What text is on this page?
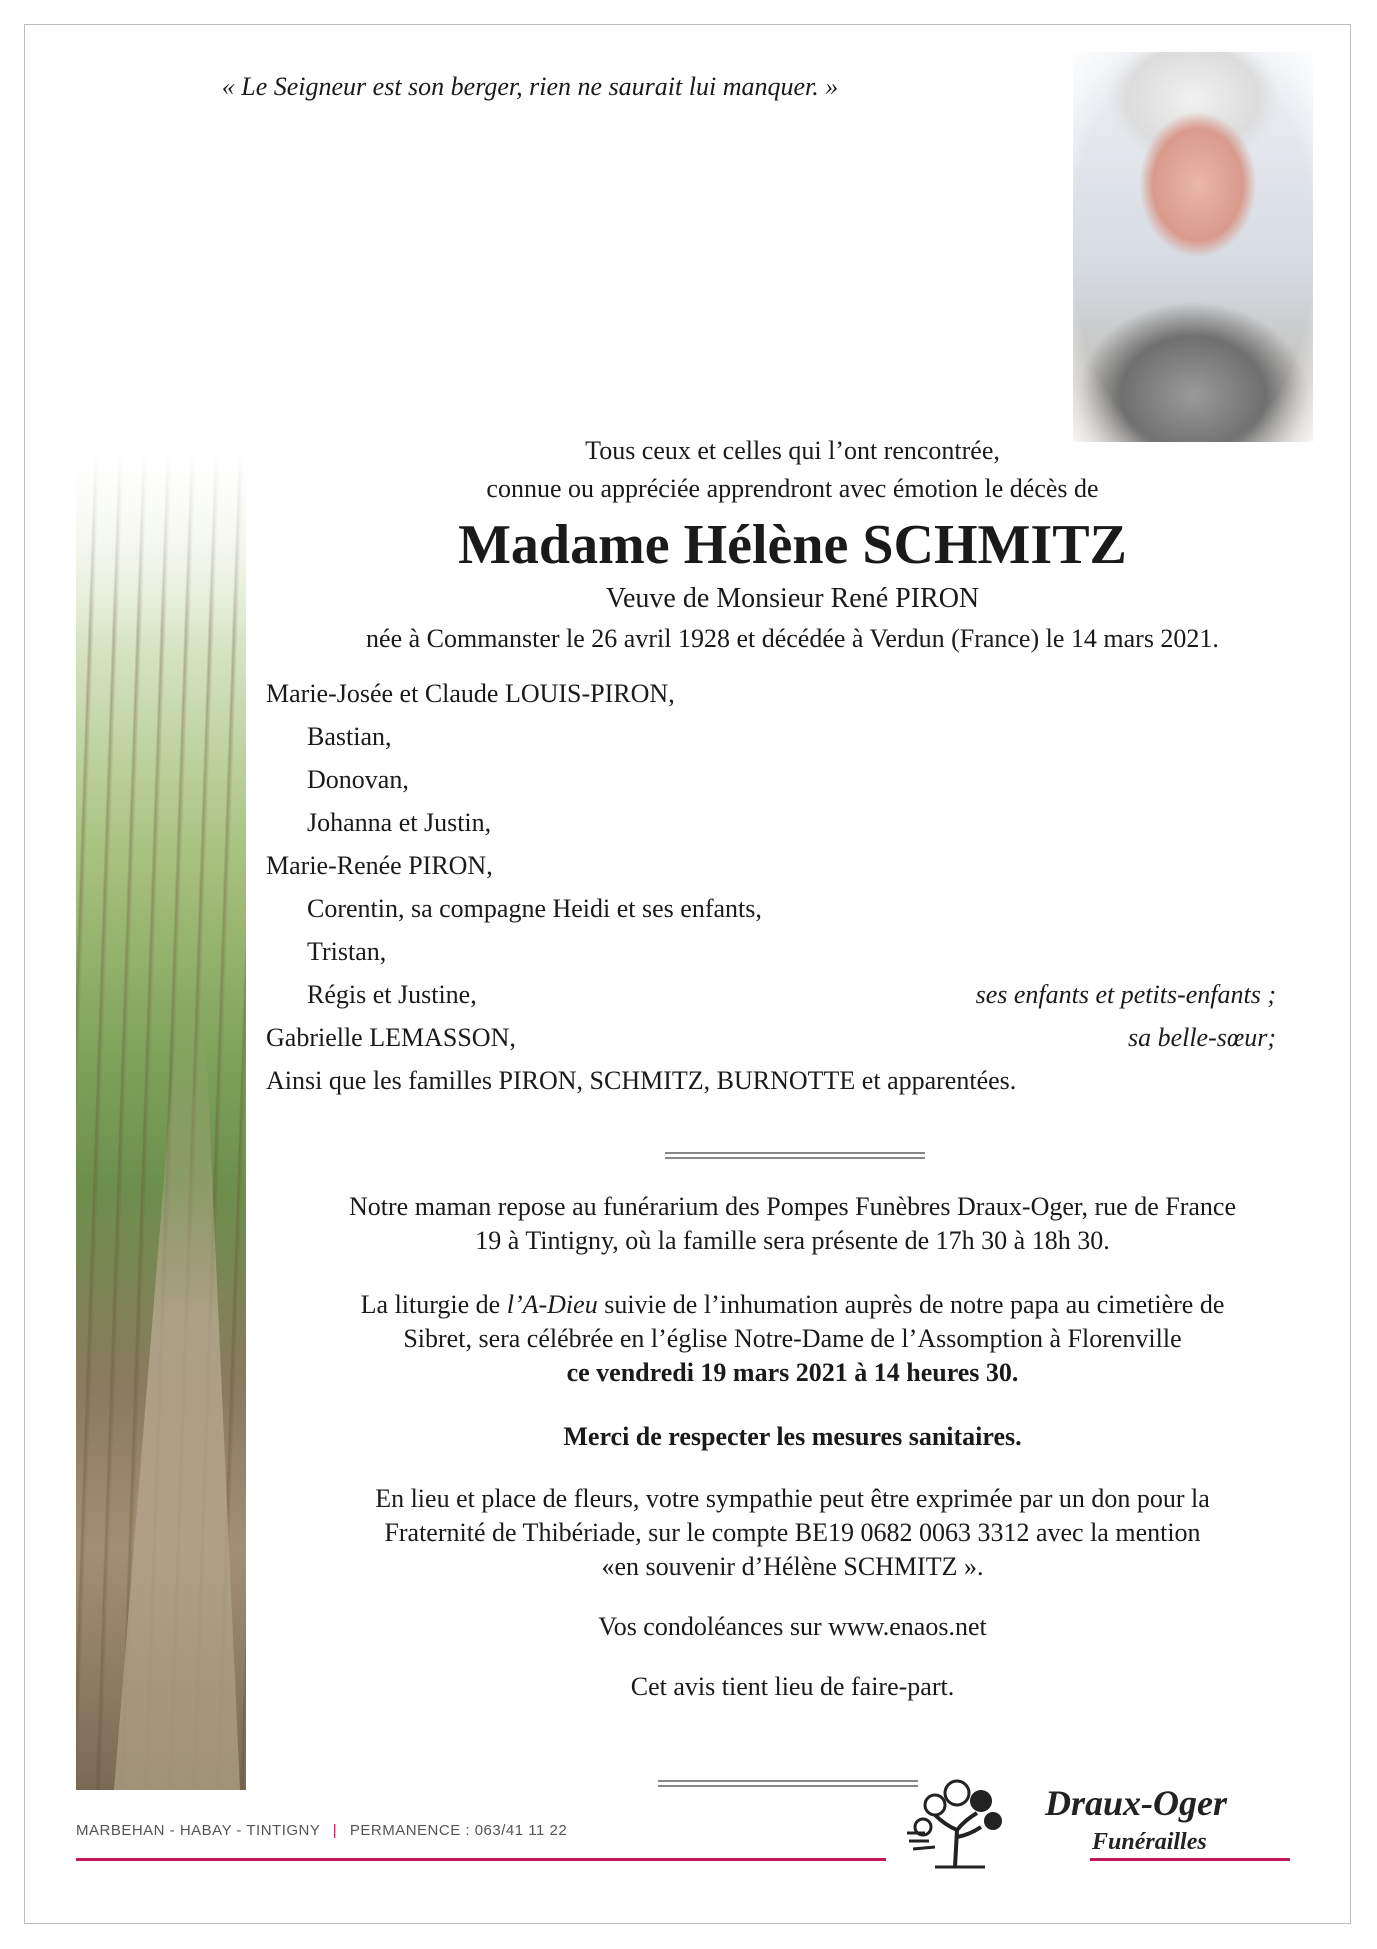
« Le Seigneur est son berger, rien ne saurait lui manquer. »
Tous ceux et celles qui l’ont rencontrée,
connue ou appréciée apprendront avec émotion le décès de
Madame Hélène SCHMITZ
Veuve de Monsieur René PIRON
née à Commanster le 26 avril 1928 et décédée à Verdun (France) le 14 mars 2021.
Marie-Josée et Claude LOUIS-PIRON,
Bastian,
Donovan,
Johanna et Justin,
Marie-Renée PIRON,
Corentin, sa compagne Heidi et ses enfants,
Tristan,
Régis et Justine,	ses enfants et petits-enfants ;
Gabrielle LEMASSON,	sa belle-sœur;
Ainsi que les familles PIRON, SCHMITZ, BURNOTTE et apparentées.
Notre maman repose au funérarium des Pompes Funèbres Draux-Oger, rue de France
19 à Tintigny, où la famille sera présente de 17h 30 à 18h 30.
La liturgie de l’A-Dieu suivie de l’inhumation auprès de notre papa au cimetière de
Sibret, sera célébrée en l’église Notre-Dame de l’Assomption à Florenville
ce vendredi 19 mars 2021 à 14 heures 30.
Merci de respecter les mesures sanitaires.
En lieu et place de fleurs, votre sympathie peut être exprimée par un don pour la
Fraternité de Thibériade, sur le compte BE19 0682 0063 3312 avec la mention
«en souvenir d’Hélène SCHMITZ ».
Vos condoléances sur www.enaos.net
Cet avis tient lieu de faire-part.
MARBEHAN - HABAY - TINTIGNY | PERMANENCE : 063/41 11 22
Draux-Oger
Funérailles
